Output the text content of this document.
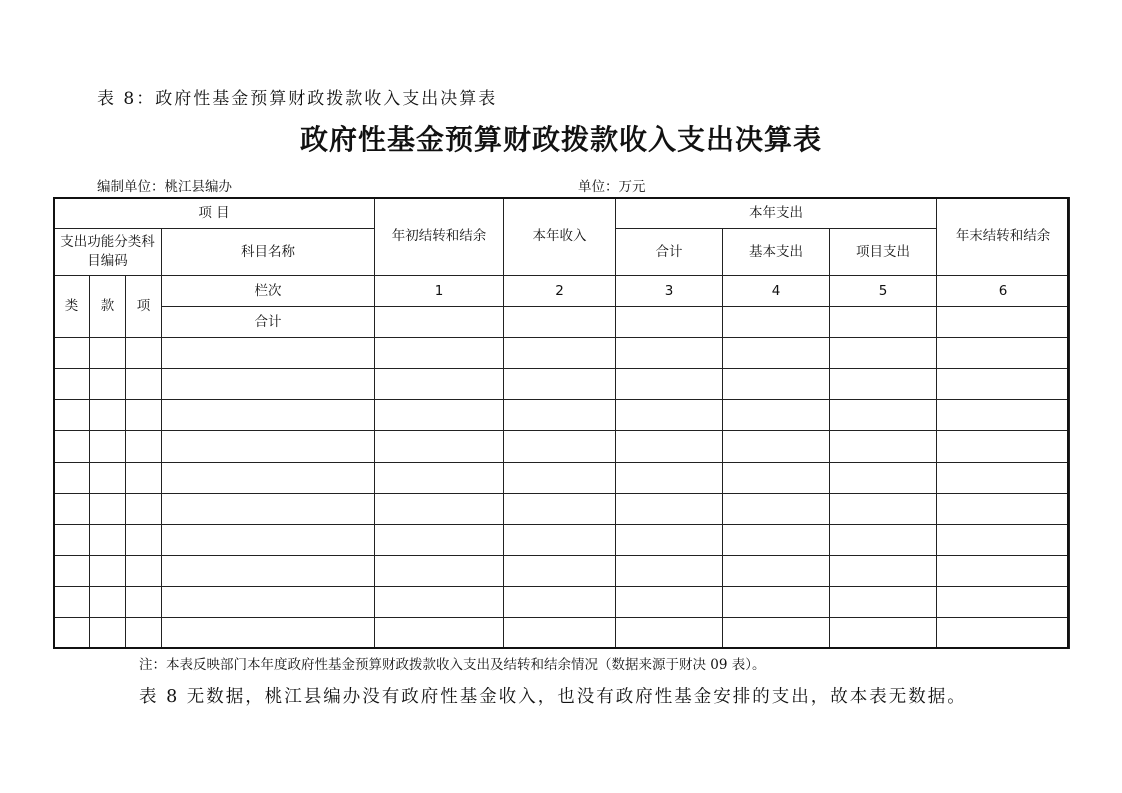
表 8：政府性基金预算财政拨款收入支出决算表
政府性基金预算财政拨款收入支出决算表
编制单位：桃江县编办	单位：万元
项 目				年初结转和结余	本年收入	本年支出			年末结转和结余
支出功能分类科目编码			科目名称			合计	基本支出	项目支出	
类	款	项	栏次	1	2	3	4	5	6
			合计						

注：本表反映部门本年度政府性基金预算财政拨款收入支出及结转和结余情况（数据来源于财决 09 表）。
表 8 无数据，桃江县编办没有政府性基金收入，也没有政府性基金安排的支出，故本表无数据。
